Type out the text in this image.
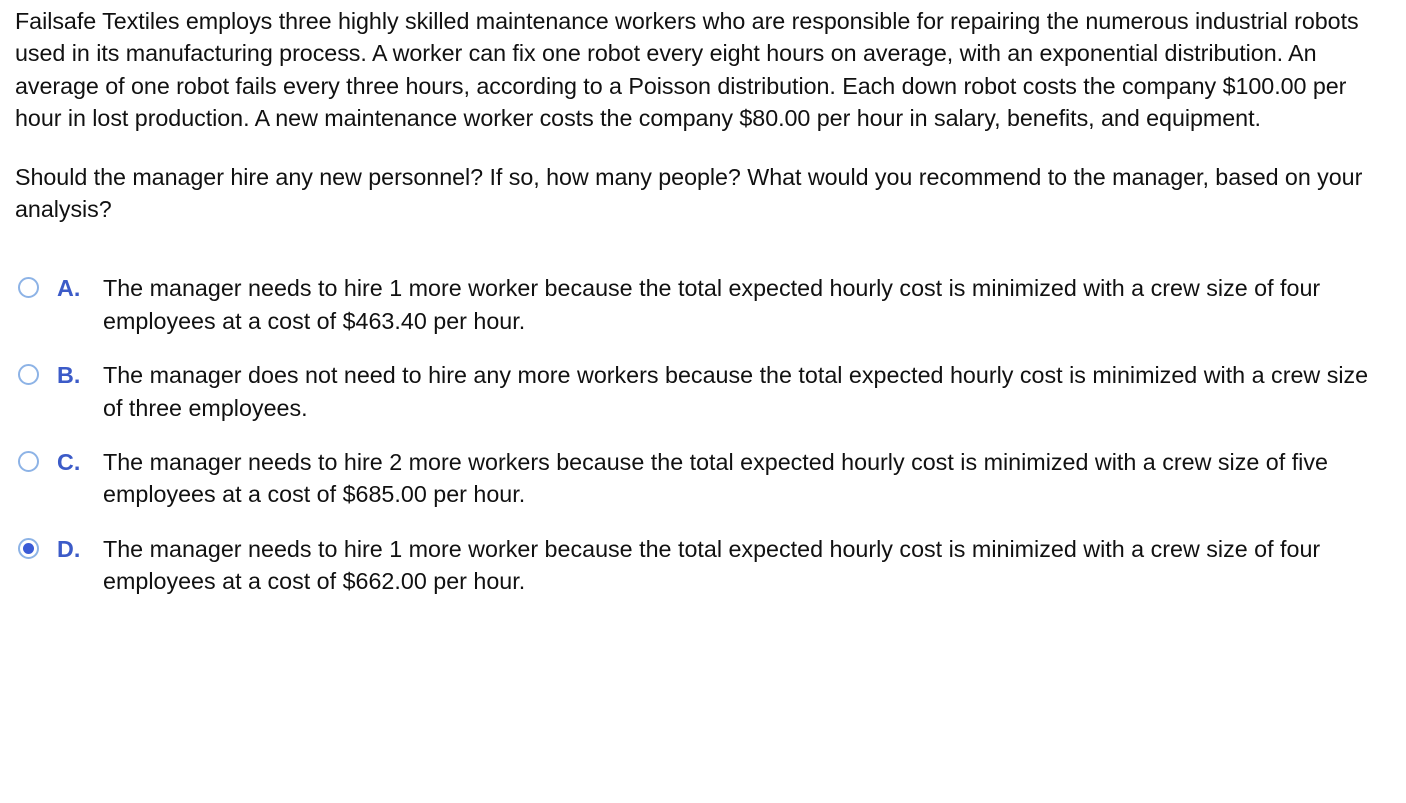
Failsafe Textiles employs three highly skilled maintenance workers who are responsible for repairing the numerous industrial robots used in its manufacturing process. A worker can fix one robot every eight hours on average, with an exponential distribution. An average of one robot fails every three hours, according to a Poisson distribution. Each down robot costs the company $100.00 per hour in lost production. A new maintenance worker costs the company $80.00 per hour in salary, benefits, and equipment.

Should the manager hire any new personnel? If so, how many people? What would you recommend to the manager, based on your analysis?

A. The manager needs to hire 1 more worker because the total expected hourly cost is minimized with a crew size of four employees at a cost of $463.40 per hour.
B. The manager does not need to hire any more workers because the total expected hourly cost is minimized with a crew size of three employees.
C. The manager needs to hire 2 more workers because the total expected hourly cost is minimized with a crew size of five employees at a cost of $685.00 per hour.
D. The manager needs to hire 1 more worker because the total expected hourly cost is minimized with a crew size of four employees at a cost of $662.00 per hour.
